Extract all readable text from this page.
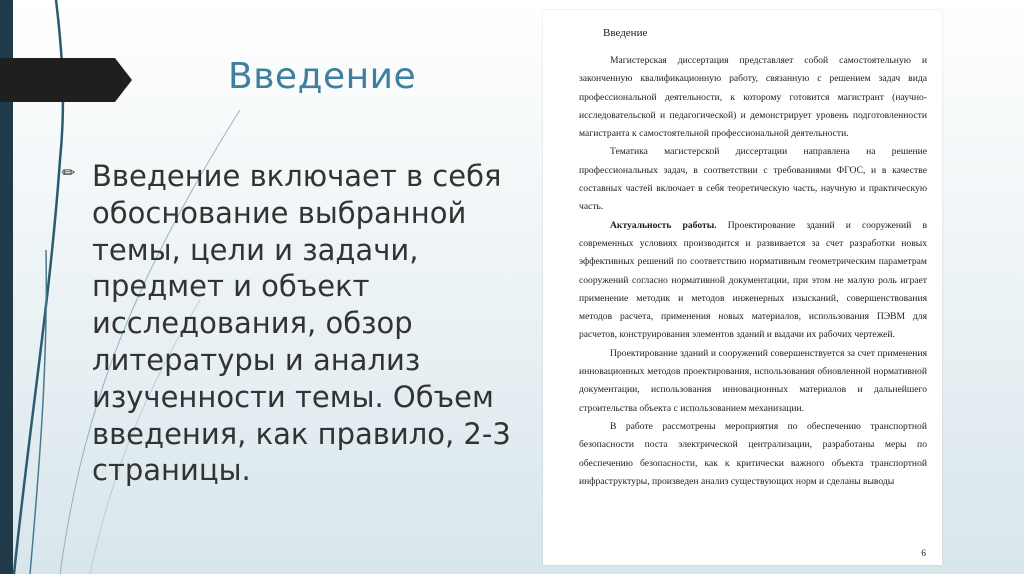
Введение
✏ Введение включает в себя обоснование выбранной темы, цели и задачи, предмет и объект исследования, обзор литературы и анализ изученности темы. Объем введения, как правило, 2-3 страницы.
Введение

Магистерская диссертация представляет собой самостоятельную и законченную квалификационную работу, связанную с решением задач вида профессиональной деятельности, к которому готовится магистрант (научно-исследовательской и педагогической) и демонстрирует уровень подготовленности магистранта к самостоятельной профессиональной деятельности.

Тематика магистерской диссертации направлена на решение профессиональных задач, в соответствии с требованиями ФГОС, и в качестве составных частей включает в себя теоретическую часть, научную и практическую часть.

Актуальность работы. Проектирование зданий и сооружений в современных условиях производится и развивается за счет разработки новых эффективных решений по соответствию нормативным геометрическим параметрам сооружений согласно нормативной документации, при этом не малую роль играет применение методик и методов инженерных изысканий, совершенствования методов расчета, применения новых материалов, использования ПЭВМ для расчетов, конструирования элементов зданий и выдачи их рабочих чертежей.

Проектирование зданий и сооружений совершенствуется за счет применения инновационных методов проектирования, использования обновленной нормативной документации, использования инновационных материалов и дальнейшего строительства объекта с использованием механизации.

В работе рассмотрены мероприятия по обеспечению транспортной безопасности поста электрической централизации, разработаны меры по обеспечению безопасности, как к критически важного объекта транспортной инфраструктуры, произведен анализ существующих норм и сделаны выводы

6
